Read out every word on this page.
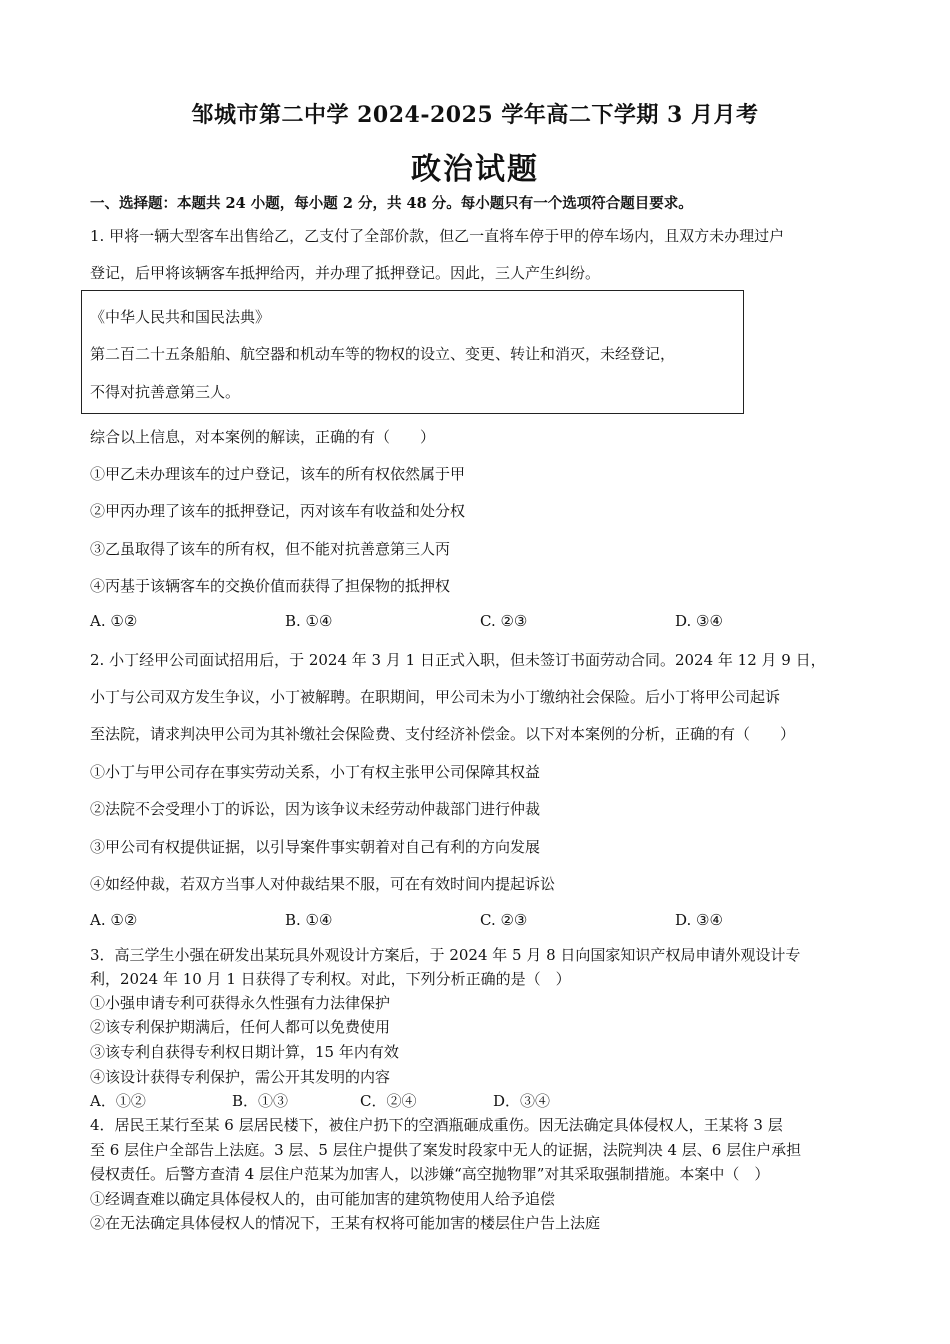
邹城市第二中学 2024-2025 学年高二下学期 3 月月考
政治试题
一、选择题：本题共 24 小题，每小题 2 分，共 48 分。每小题只有一个选项符合题目要求。
1. 甲将一辆大型客车出售给乙，乙支付了全部价款，但乙一直将车停于甲的停车场内，且双方未办理过户
登记，后甲将该辆客车抵押给丙，并办理了抵押登记。因此，三人产生纠纷。
《中华人民共和国民法典》
第二百二十五条船舶、航空器和机动车等的物权的设立、变更、转让和消灭，未经登记，
不得对抗善意第三人。
综合以上信息，对本案例的解读，正确的有（　　）
①甲乙未办理该车的过户登记，该车的所有权依然属于甲
②甲丙办理了该车的抵押登记，丙对该车有收益和处分权
③乙虽取得了该车的所有权，但不能对抗善意第三人丙
④丙基于该辆客车的交换价值而获得了担保物的抵押权
A. ①②	B. ①④	C. ②③	D. ③④
2. 小丁经甲公司面试招用后，于 2024 年 3 月 1 日正式入职，但未签订书面劳动合同。2024 年 12 月 9 日，
小丁与公司双方发生争议，小丁被解聘。在职期间，甲公司未为小丁缴纳社会保险。后小丁将甲公司起诉
至法院，请求判决甲公司为其补缴社会保险费、支付经济补偿金。以下对本案例的分析，正确的有（　　）
①小丁与甲公司存在事实劳动关系，小丁有权主张甲公司保障其权益
②法院不会受理小丁的诉讼，因为该争议未经劳动仲裁部门进行仲裁
③甲公司有权提供证据，以引导案件事实朝着对自己有利的方向发展
④如经仲裁，若双方当事人对仲裁结果不服，可在有效时间内提起诉讼
A. ①②	B. ①④	C. ②③	D. ③④
3．高三学生小强在研发出某玩具外观设计方案后，于 2024 年 5 月 8 日向国家知识产权局申请外观设计专
利，2024 年 10 月 1 日获得了专利权。对此，下列分析正确的是（　）
①小强申请专利可获得永久性强有力法律保护
②该专利保护期满后，任何人都可以免费使用
③该专利自获得专利权日期计算，15 年内有效
④该设计获得专利保护，需公开其发明的内容
A．①②	B．①③	C．②④	D．③④
4．居民王某行至某 6 层居民楼下，被住户扔下的空酒瓶砸成重伤。因无法确定具体侵权人，王某将 3 层
至 6 层住户全部告上法庭。3 层、5 层住户提供了案发时段家中无人的证据，法院判决 4 层、6 层住户承担
侵权责任。后警方查清 4 层住户范某为加害人，以涉嫌“高空抛物罪”对其采取强制措施。本案中（　）
①经调查难以确定具体侵权人的，由可能加害的建筑物使用人给予追偿
②在无法确定具体侵权人的情况下，王某有权将可能加害的楼层住户告上法庭
